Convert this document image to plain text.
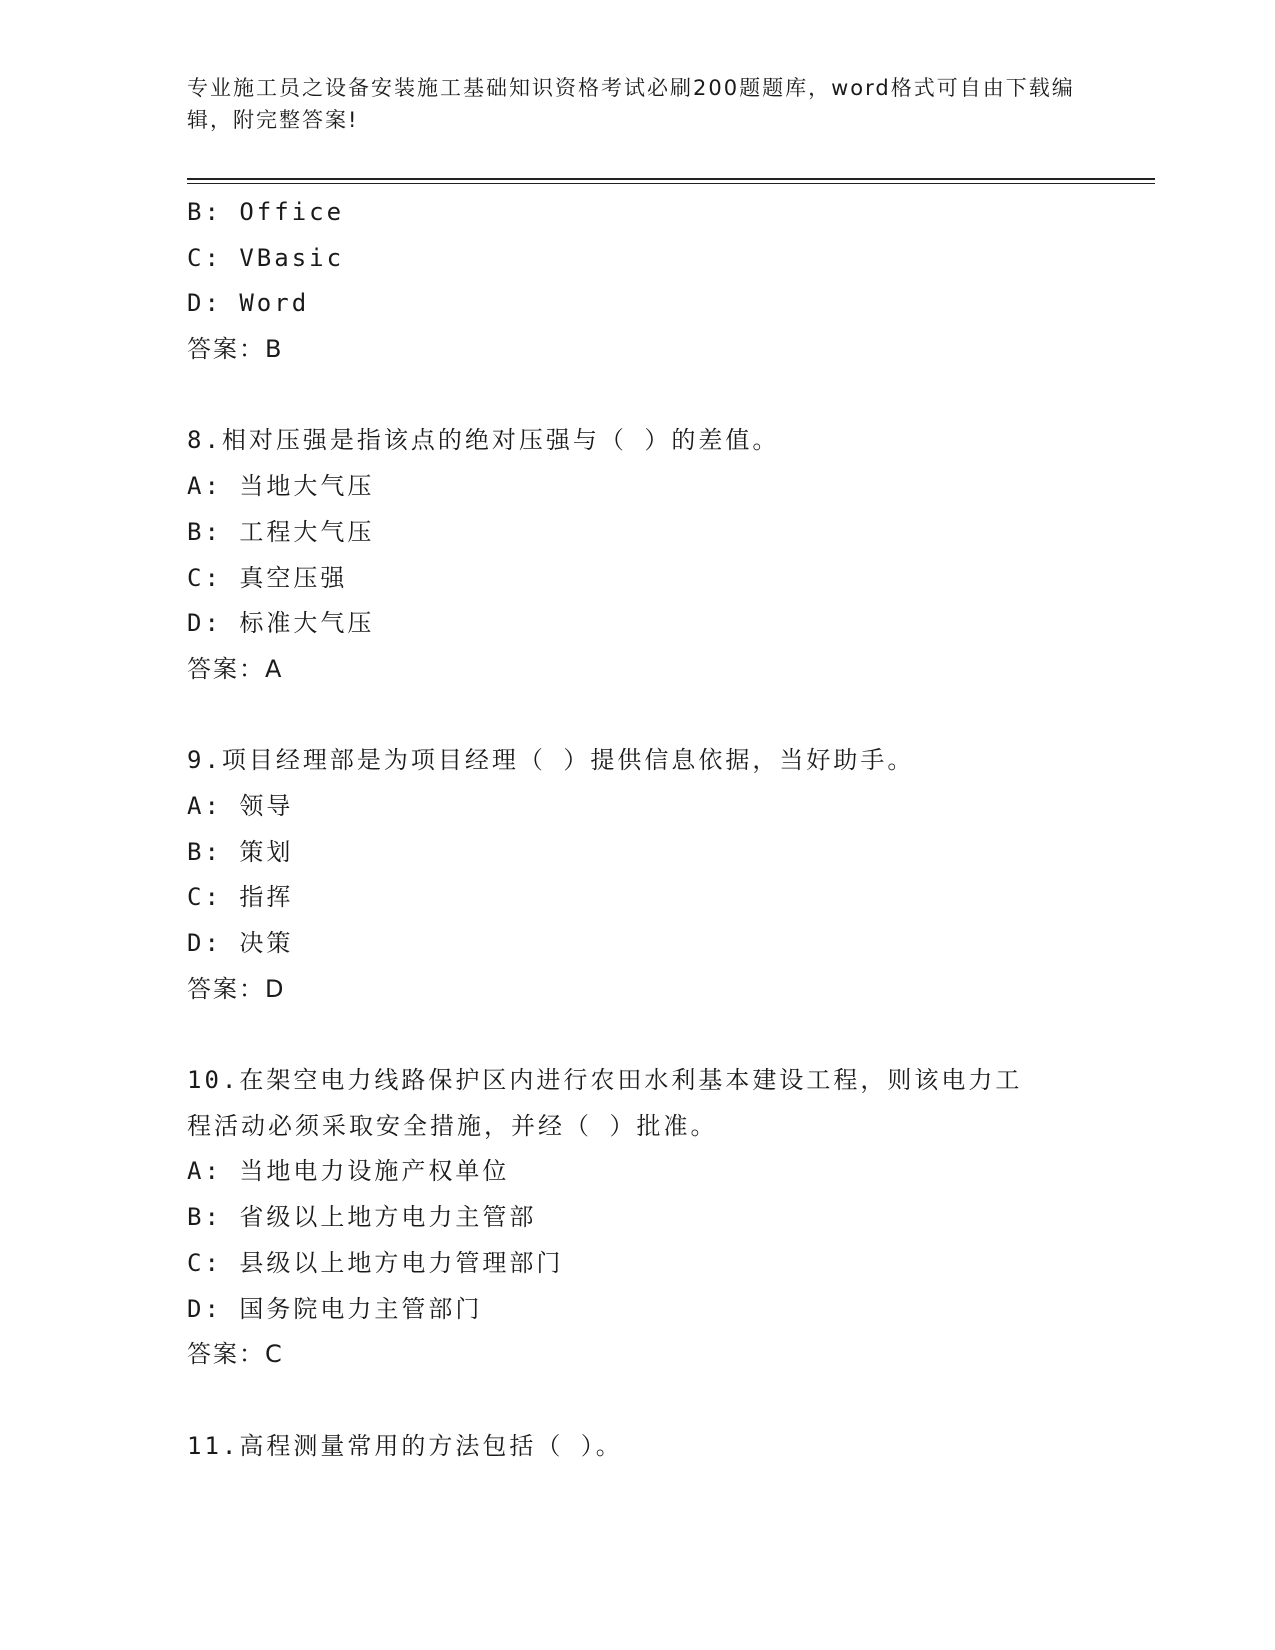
专业施工员之设备安装施工基础知识资格考试必刷200题题库，word格式可自由下载编辑，附完整答案!
B: Office
C: VBasic
D: Word
答案：B
8.相对压强是指该点的绝对压强与（ ）的差值。
A: 当地大气压
B: 工程大气压
C: 真空压强
D: 标准大气压
答案：A
9.项目经理部是为项目经理（ ）提供信息依据，当好助手。
A: 领导
B: 策划
C: 指挥
D: 决策
答案：D
10.在架空电力线路保护区内进行农田水利基本建设工程，则该电力工
程活动必须采取安全措施，并经（ ）批准。
A: 当地电力设施产权单位
B: 省级以上地方电力主管部
C: 县级以上地方电力管理部门
D: 国务院电力主管部门
答案：C
11.高程测量常用的方法包括（ ）。
